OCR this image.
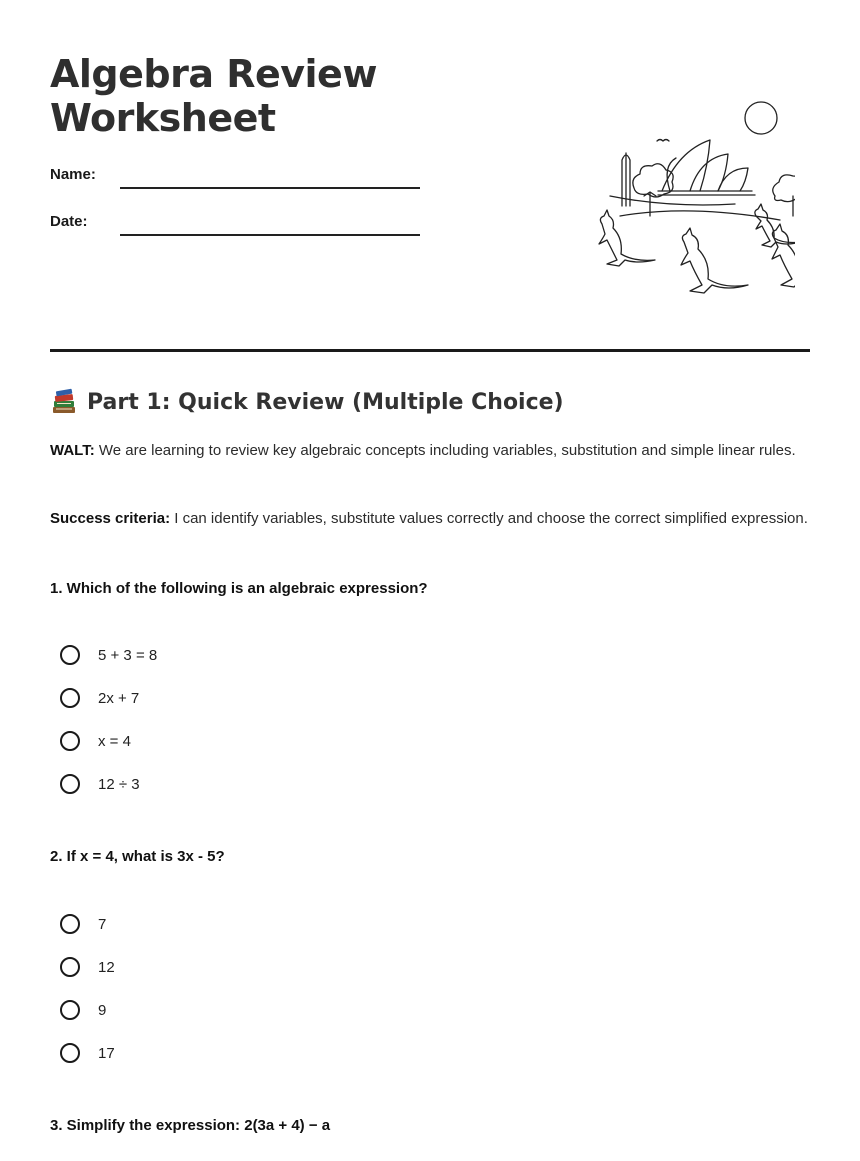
Algebra Review
Worksheet
Name:
Date:
Part 1: Quick Review (Multiple Choice)

WALT: We are learning to review key algebraic concepts including variables, substitution and simple linear rules.

Success criteria: I can identify variables, substitute values correctly and choose the correct simplified expression.

1. Which of the following is an algebraic expression?

5 + 3 = 8
2x + 7
x = 4
12 ÷ 3

2. If x = 4, what is 3x - 5?

7
12
9
17

3. Simplify the expression: 2(3a + 4) − a
